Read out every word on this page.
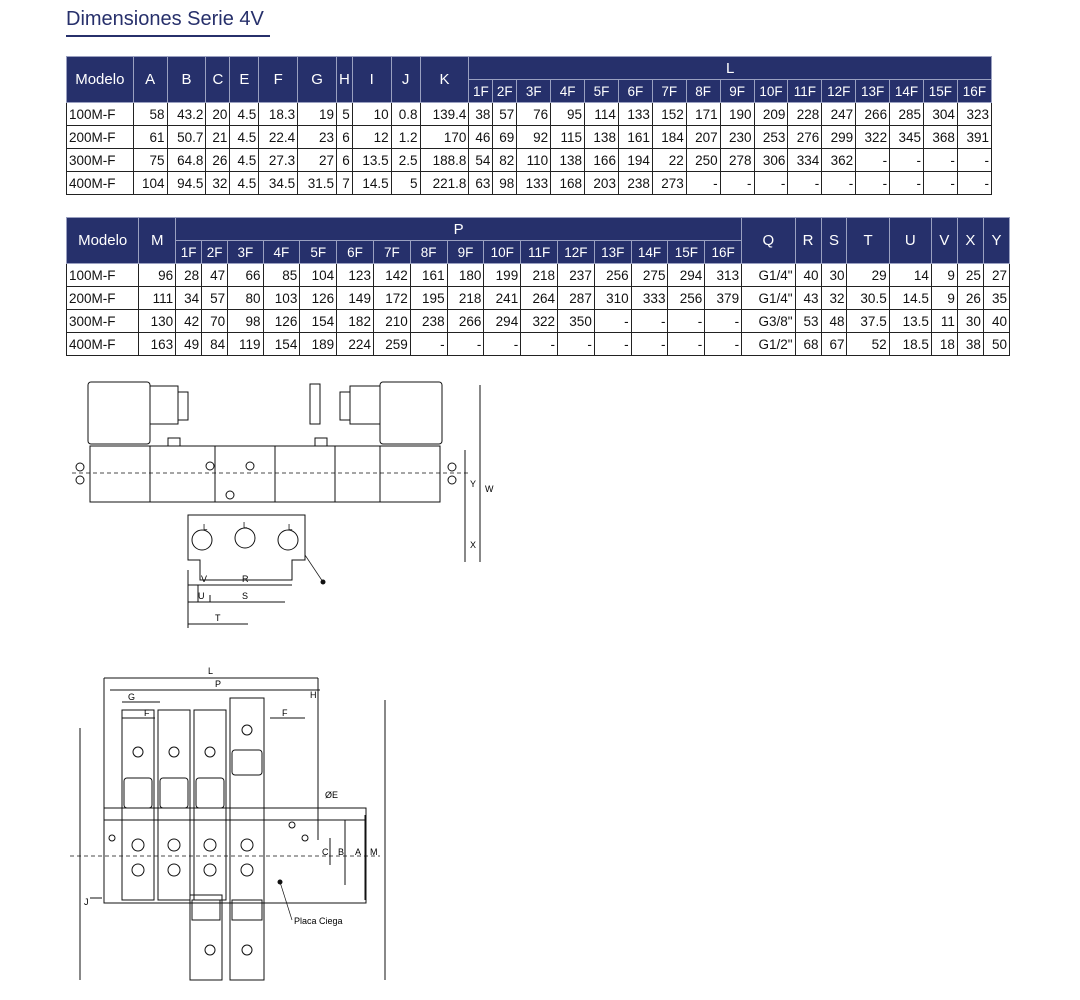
Dimensiones Serie 4V
Modelo	A	B	C	E	F	G	H	I	J	K	L															
											1F	2F	3F	4F	5F	6F	7F	8F	9F	10F	11F	12F	13F	14F	15F	16F
100M-F	58	43.2	20	4.5	18.3	19	5	10	0.8	139.4	38	57	76	95	114	133	152	171	190	209	228	247	266	285	304	323
200M-F	61	50.7	21	4.5	22.4	23	6	12	1.2	170	46	69	92	115	138	161	184	207	230	253	276	299	322	345	368	391
300M-F	75	64.8	26	4.5	27.3	27	6	13.5	2.5	188.8	54	82	110	138	166	194	22	250	278	306	334	362	-	-	-	-
400M-F	104	94.5	32	4.5	34.5	31.5	7	14.5	5	221.8	63	98	133	168	203	238	273	-	-	-	-	-	-	-	-	-
Modelo	M	P																Q	R	S	T	U	V	X	Y
		1F	2F	3F	4F	5F	6F	7F	8F	9F	10F	11F	12F	13F	14F	15F	16F								
100M-F	96	28	47	66	85	104	123	142	161	180	199	218	237	256	275	294	313	G1/4"	40	30	29	14	9	25	27
200M-F	111	34	57	80	103	126	149	172	195	218	241	264	287	310	333	256	379	G1/4"	43	32	30.5	14.5	9	26	35
300M-F	130	42	70	98	126	154	182	210	238	266	294	322	350	-	-	-	-	G3/8"	53	48	37.5	13.5	11	30	40
400M-F	163	49	84	119	154	189	224	259	-	-	-	-	-	-	-	-	-	G1/2"	68	67	52	18.5	18	38	50
Y W
X
V	R
U	S
T
L	L	L
L
P
H
G
F	F
ØE
A
B
C	M
J
Placa Ciega
